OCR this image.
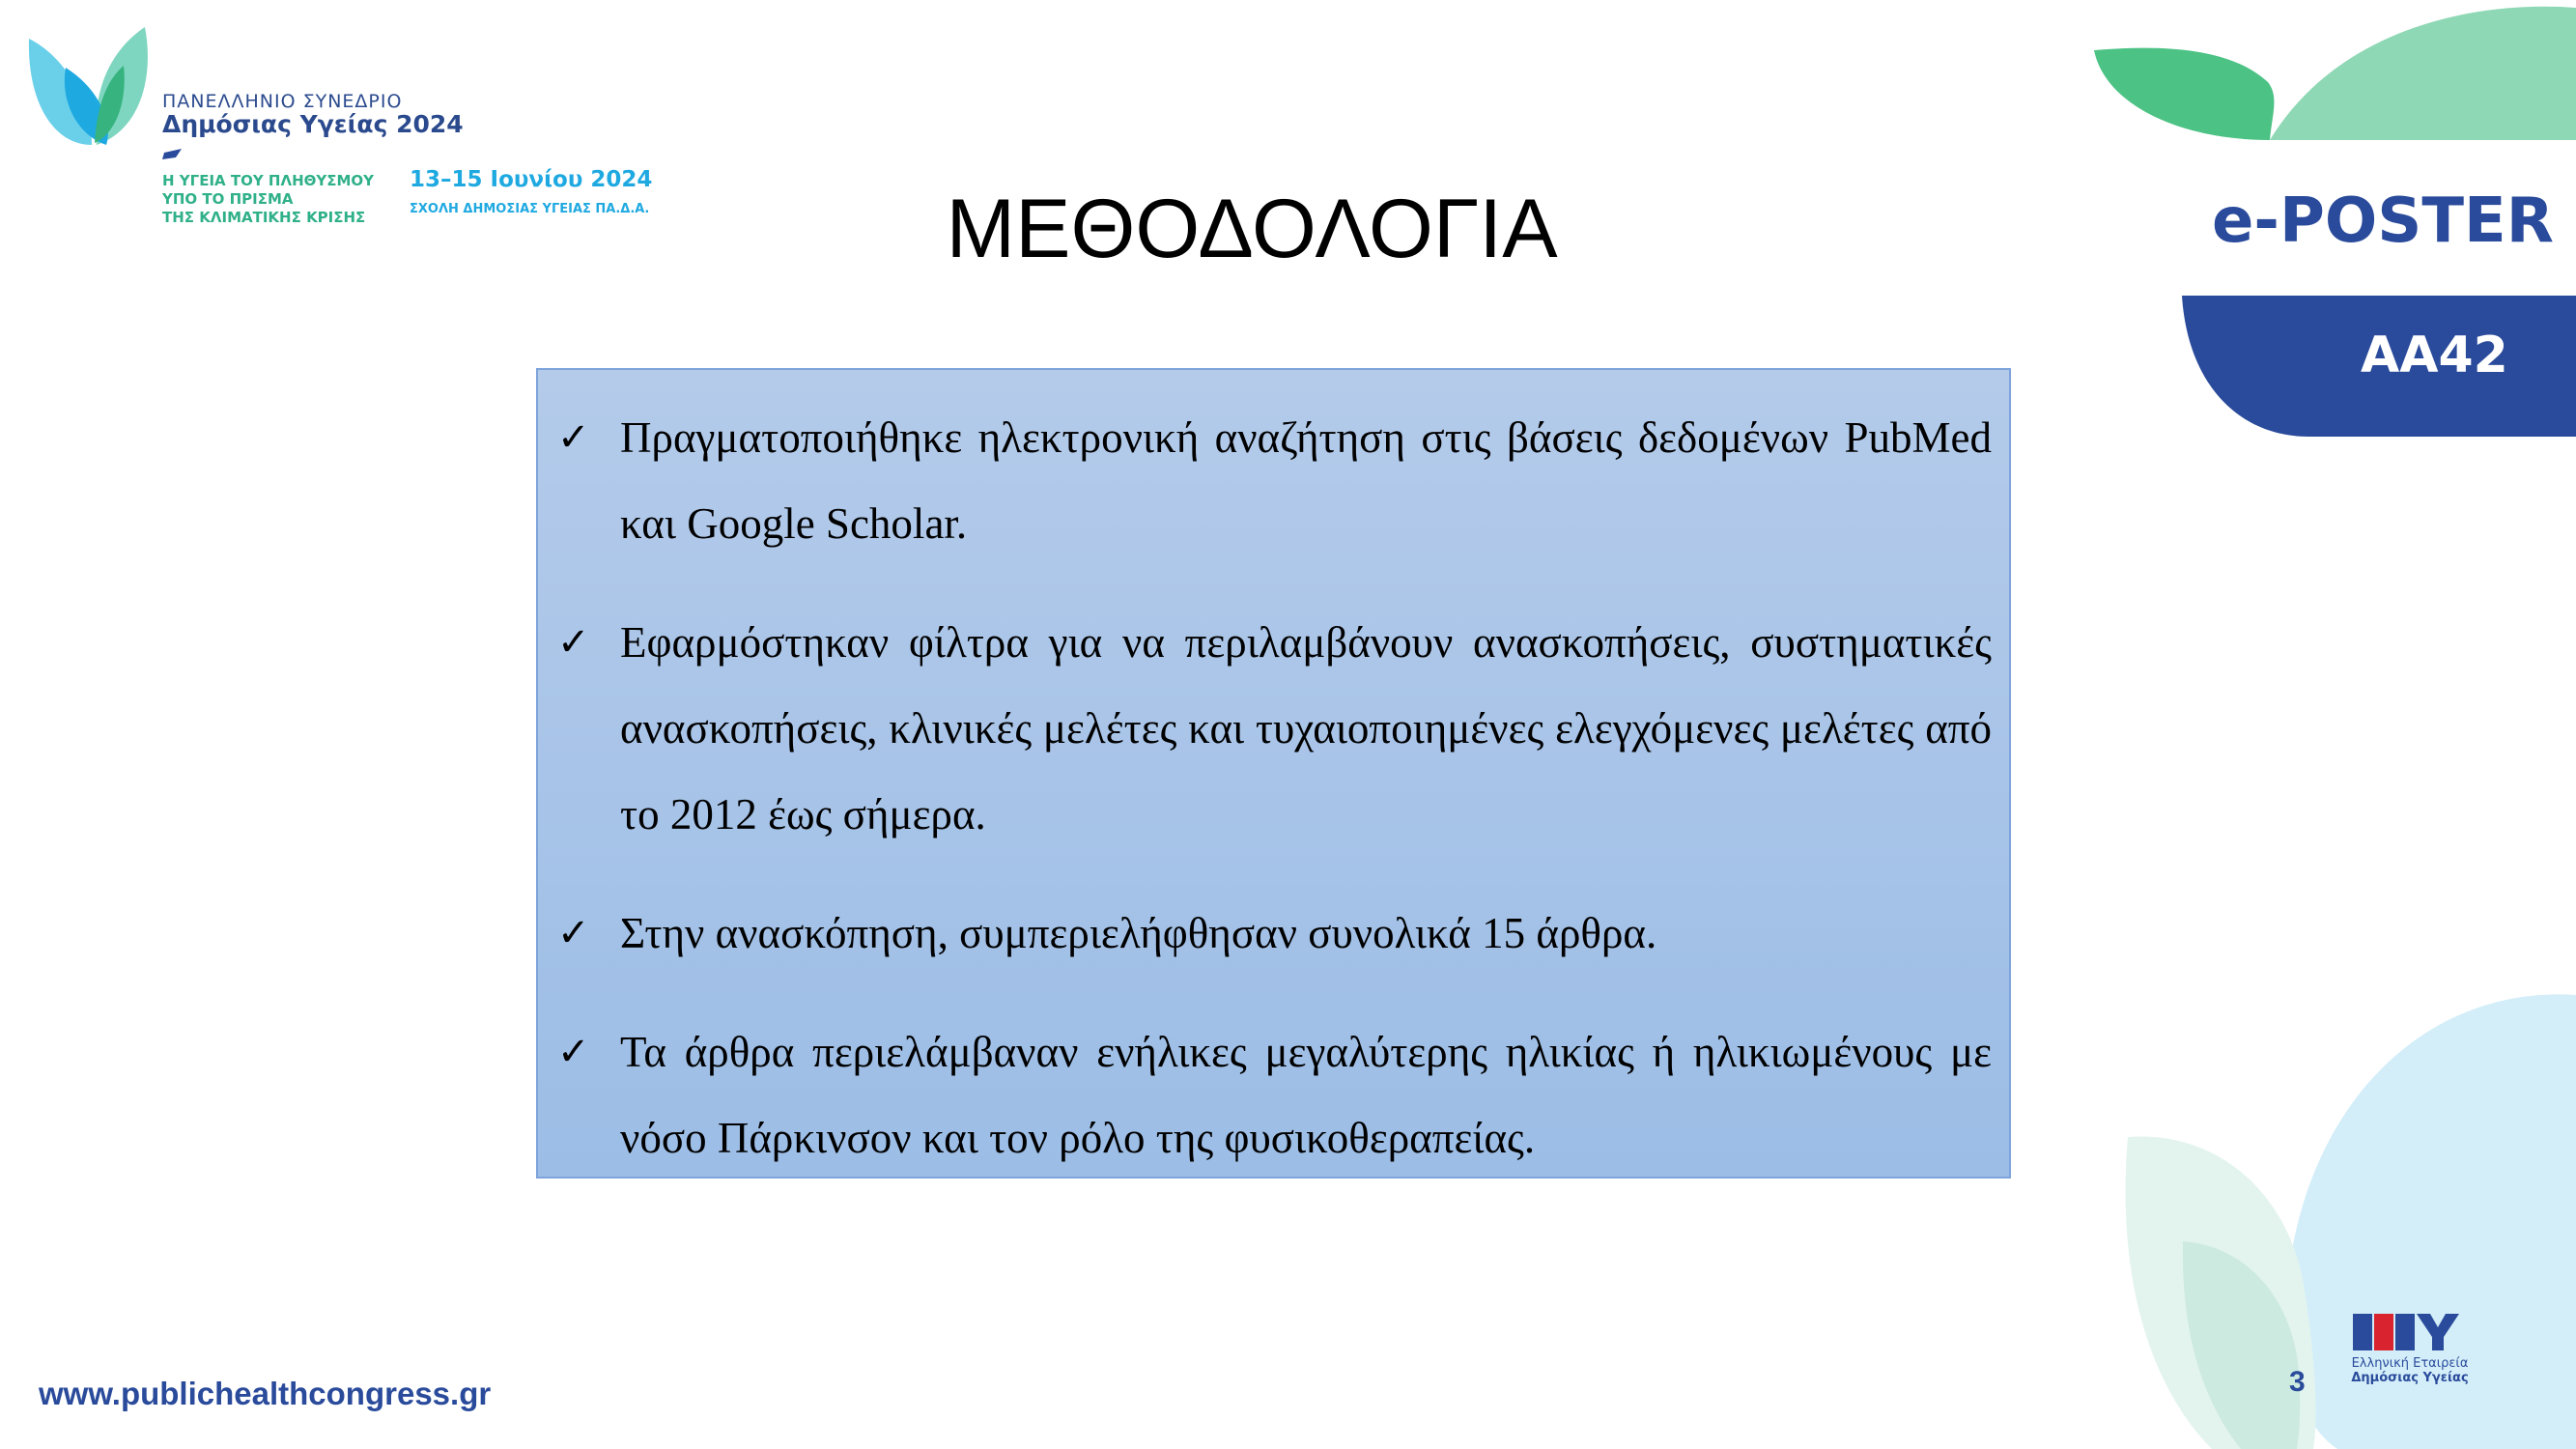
ΠΑΝΕΛΛΗΝΙΟ ΣΥΝΕΔΡΙΟ
Δημόσιας Υγείας 2024
Η ΥΓΕΙΑ ΤΟΥ ΠΛΗΘΥΣΜΟΥ
ΥΠΟ ΤΟ ΠΡΙΣΜΑ
ΤΗΣ ΚΛΙΜΑΤΙΚΗΣ ΚΡΙΣΗΣ
13–15 Ιουνίου 2024
ΣΧΟΛΗ ΔΗΜΟΣΙΑΣ ΥΓΕΙΑΣ ΠΑ.Δ.Α.	ΜΕΘΟΔΟΛΟΓΙΑ	e-POSTER
ΑΑ42
✓ Πραγματοποιήθηκε ηλεκτρονική αναζήτηση στις βάσεις δεδομένων PubMed και Google Scholar.
✓ Εφαρμόστηκαν φίλτρα για να περιλαμβάνουν ανασκοπήσεις, συστηματικές ανασκοπήσεις, κλινικές μελέτες και τυχαιοποιημένες ελεγχόμενες μελέτες από το 2012 έως σήμερα.
✓ Στην ανασκόπηση, συμπεριελήφθησαν συνολικά 15 άρθρα.
✓ Τα άρθρα περιελάμβαναν ενήλικες μεγαλύτερης ηλικίας ή ηλικιωμένους με νόσο Πάρκινσον και τον ρόλο της φυσικοθεραπείας.
www.publichealthcongress.gr	3
Ελληνική Εταιρεία
Δημόσιας Υγείας
